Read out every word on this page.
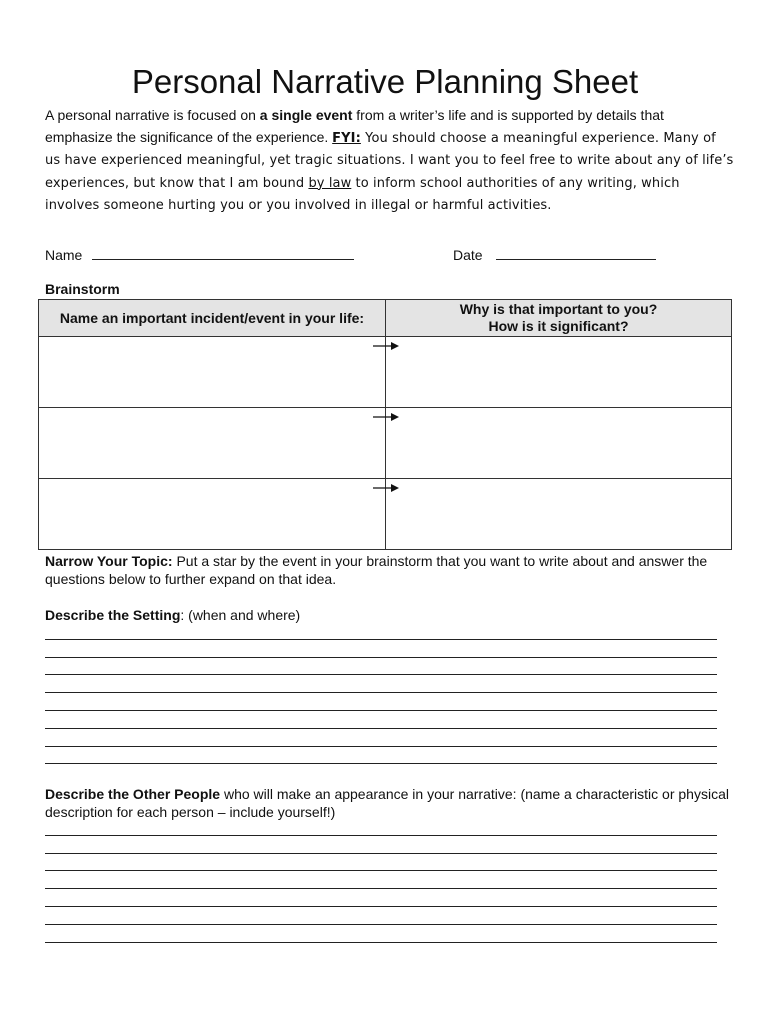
Personal Narrative Planning Sheet
A personal narrative is focused on a single event from a writer’s life and is supported by details that emphasize the significance of the experience. FYI: You should choose a meaningful experience. Many of us have experienced meaningful, yet tragic situations. I want you to feel free to write about any of life’s experiences, but know that I am bound by law to inform school authorities of any writing, which involves someone hurting you or you involved in illegal or harmful activities.
Name	Date
Brainstorm
Name an important incident/event in your life:	Why is that important to you?
How is it significant?

Narrow Your Topic: Put a star by the event in your brainstorm that you want to write about and answer the questions below to further expand on that idea.
Describe the Setting: (when and where)
Describe the Other People who will make an appearance in your narrative: (name a characteristic or physical description for each person – include yourself!)
